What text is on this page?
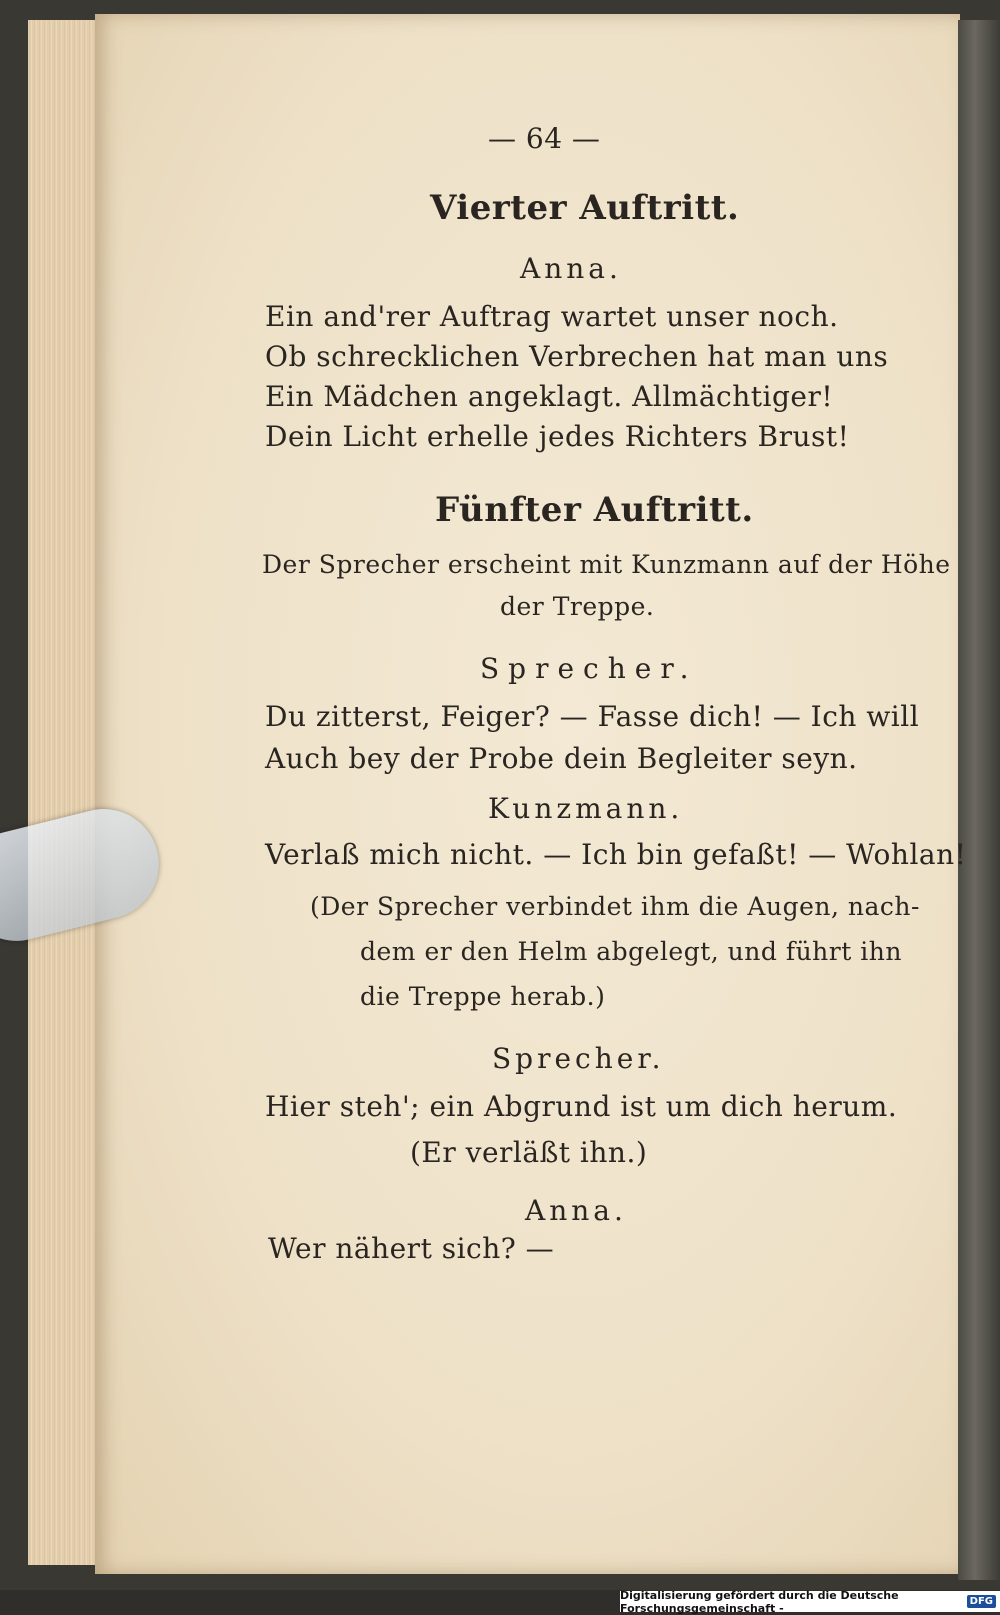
— 64 —
Vierter Auftritt.
Anna.
Ein and'rer Auftrag wartet unser noch.
Ob schrecklichen Verbrechen hat man uns
Ein Mädchen angeklagt. Allmächtiger!
Dein Licht erhelle jedes Richters Brust!
Fünfter Auftritt.
Der Sprecher erscheint mit Kunzmann auf der Höhe
der Treppe.
Sprecher.
Du zitterst, Feiger? — Fasse dich! — Ich will
Auch bey der Probe dein Begleiter seyn.
Kunzmann.
Verlaß mich nicht. — Ich bin gefaßt! — Wohlan!
(Der Sprecher verbindet ihm die Augen, nach-
dem er den Helm abgelegt, und führt ihn
die Treppe herab.)
Sprecher.
Hier steh'; ein Abgrund ist um dich herum.
(Er verläßt ihn.)
Anna.
Wer nähert sich? —
Digitalisierung gefördert durch die Deutsche Forschungsgemeinschaft -	DFG
